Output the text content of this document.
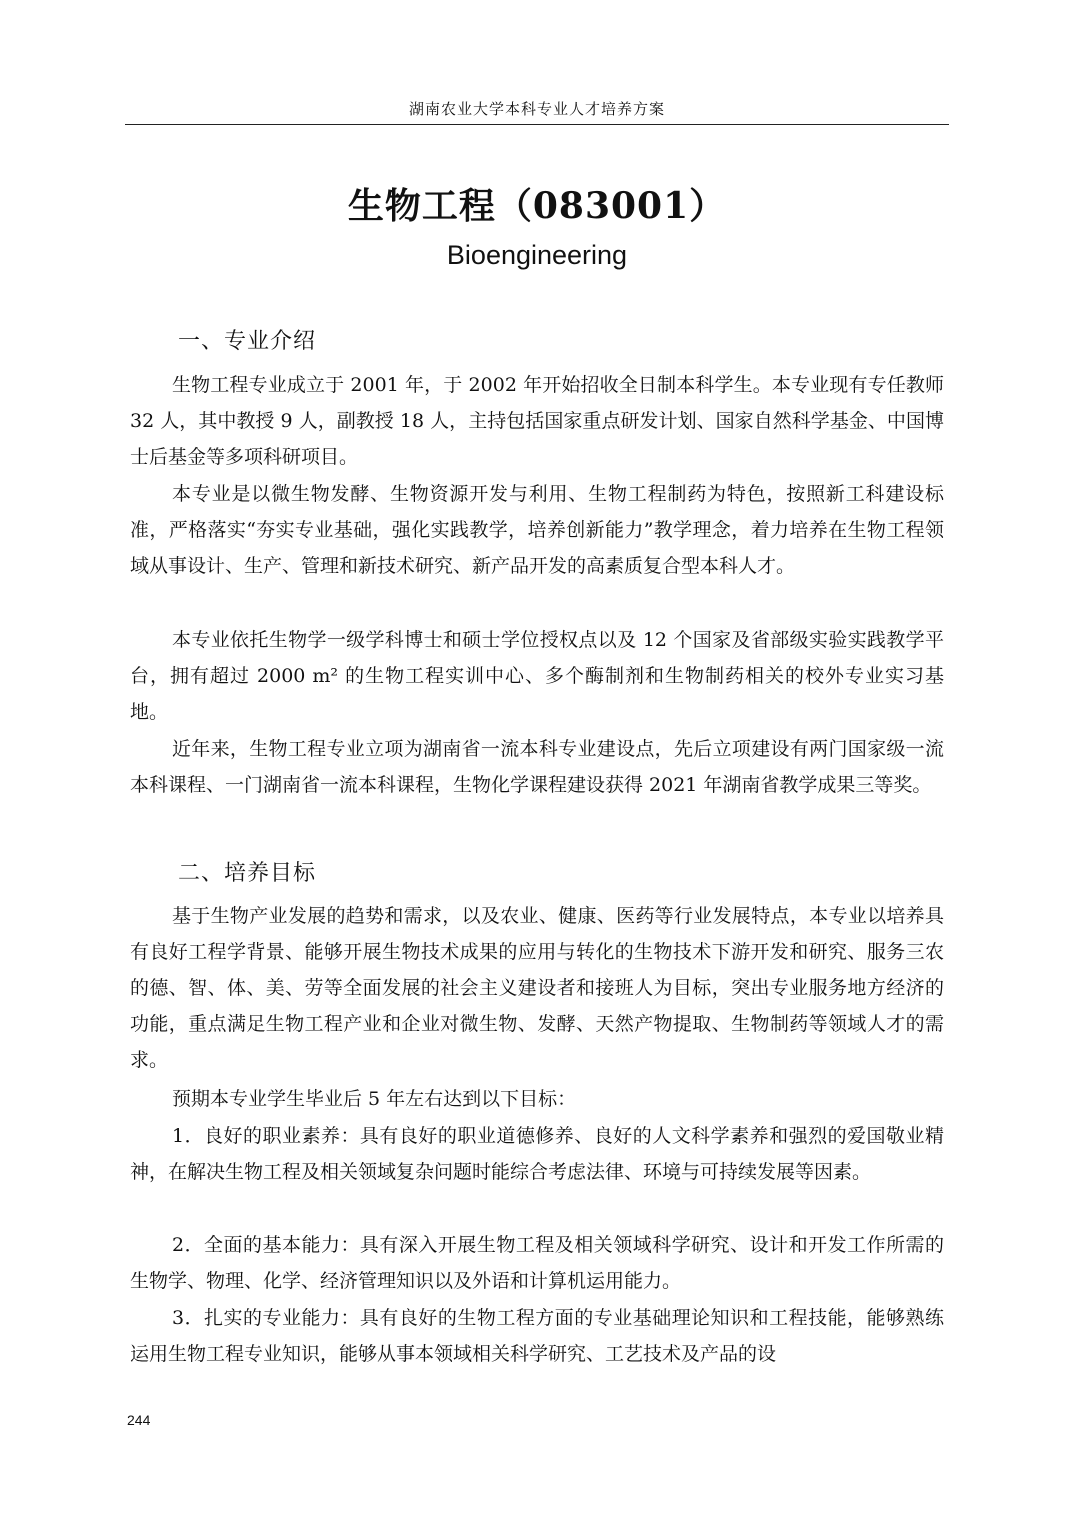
湖南农业大学本科专业人才培养方案
生物工程（083001）
Bioengineering
一、专业介绍

生物工程专业成立于 2001 年，于 2002 年开始招收全日制本科学生。本专业现有专任教师 32 人，其中教授 9 人，副教授 18 人，主持包括国家重点研发计划、国家自然科学基金、中国博士后基金等多项科研项目。

本专业是以微生物发酵、生物资源开发与利用、生物工程制药为特色，按照新工科建设标准，严格落实“夯实专业基础，强化实践教学，培养创新能力”教学理念，着力培养在生物工程领域从事设计、生产、管理和新技术研究、新产品开发的高素质复合型本科人才。

本专业依托生物学一级学科博士和硕士学位授权点以及 12 个国家及省部级实验实践教学平台，拥有超过 2000 m² 的生物工程实训中心、多个酶制剂和生物制药相关的校外专业实习基地。

近年来，生物工程专业立项为湖南省一流本科专业建设点，先后立项建设有两门国家级一流本科课程、一门湖南省一流本科课程，生物化学课程建设获得 2021 年湖南省教学成果三等奖。

二、培养目标

基于生物产业发展的趋势和需求，以及农业、健康、医药等行业发展特点，本专业以培养具有良好工程学背景、能够开展生物技术成果的应用与转化的生物技术下游开发和研究、服务三农的德、智、体、美、劳等全面发展的社会主义建设者和接班人为目标，突出专业服务地方经济的功能，重点满足生物工程产业和企业对微生物、发酵、天然产物提取、生物制药等领域人才的需求。

预期本专业学生毕业后 5 年左右达到以下目标：

1．良好的职业素养：具有良好的职业道德修养、良好的人文科学素养和强烈的爱国敬业精神，在解决生物工程及相关领域复杂问题时能综合考虑法律、环境与可持续发展等因素。

2．全面的基本能力：具有深入开展生物工程及相关领域科学研究、设计和开发工作所需的生物学、物理、化学、经济管理知识以及外语和计算机运用能力。

3．扎实的专业能力：具有良好的生物工程方面的专业基础理论知识和工程技能，能够熟练运用生物工程专业知识，能够从事本领域相关科学研究、工艺技术及产品的设

244
